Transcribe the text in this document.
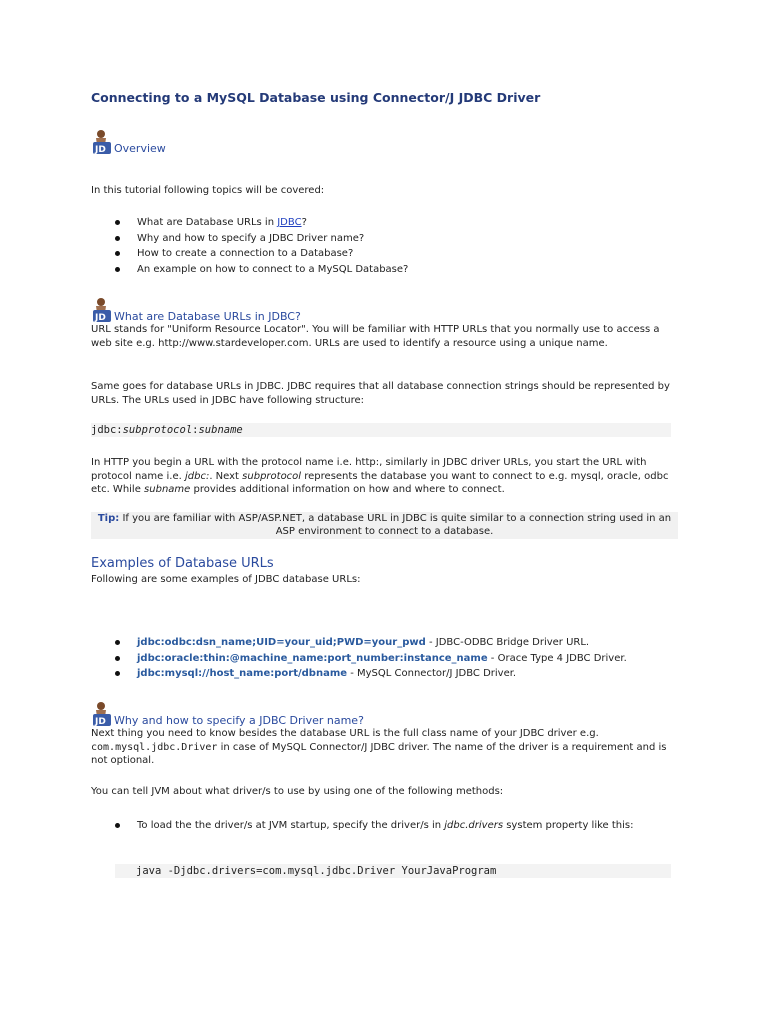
Connecting to a MySQL Database using Connector/J JDBC Driver
JD Overview
In this tutorial following topics will be covered:
What are Database URLs in JDBC?
Why and how to specify a JDBC Driver name?
How to create a connection to a Database?
An example on how to connect to a MySQL Database?
JD What are Database URLs in JDBC?
URL stands for "Uniform Resource Locator". You will be familiar with HTTP URLs that you normally use to access a web site e.g. http://www.stardeveloper.com. URLs are used to identify a resource using a unique name.
Same goes for database URLs in JDBC. JDBC requires that all database connection strings should be represented by URLs. The URLs used in JDBC have following structure:
jdbc:subprotocol:subname
In HTTP you begin a URL with the protocol name i.e. http:, similarly in JDBC driver URLs, you start the URL with protocol name i.e. jdbc:. Next subprotocol represents the database you want to connect to e.g. mysql, oracle, odbc etc. While subname provides additional information on how and where to connect.
Tip: If you are familiar with ASP/ASP.NET, a database URL in JDBC is quite similar to a connection string used in an ASP environment to connect to a database.
Examples of Database URLs
Following are some examples of JDBC database URLs:
jdbc:odbc:dsn_name;UID=your_uid;PWD=your_pwd - JDBC-ODBC Bridge Driver URL.
jdbc:oracle:thin:@machine_name:port_number:instance_name - Orace Type 4 JDBC Driver.
jdbc:mysql://host_name:port/dbname - MySQL Connector/J JDBC Driver.
JD Why and how to specify a JDBC Driver name?
Next thing you need to know besides the database URL is the full class name of your JDBC driver e.g. com.mysql.jdbc.Driver in case of MySQL Connector/J JDBC driver. The name of the driver is a requirement and is not optional.
You can tell JVM about what driver/s to use by using one of the following methods:
To load the the driver/s at JVM startup, specify the driver/s in jdbc.drivers system property like this:
java -Djdbc.drivers=com.mysql.jdbc.Driver YourJavaProgram
